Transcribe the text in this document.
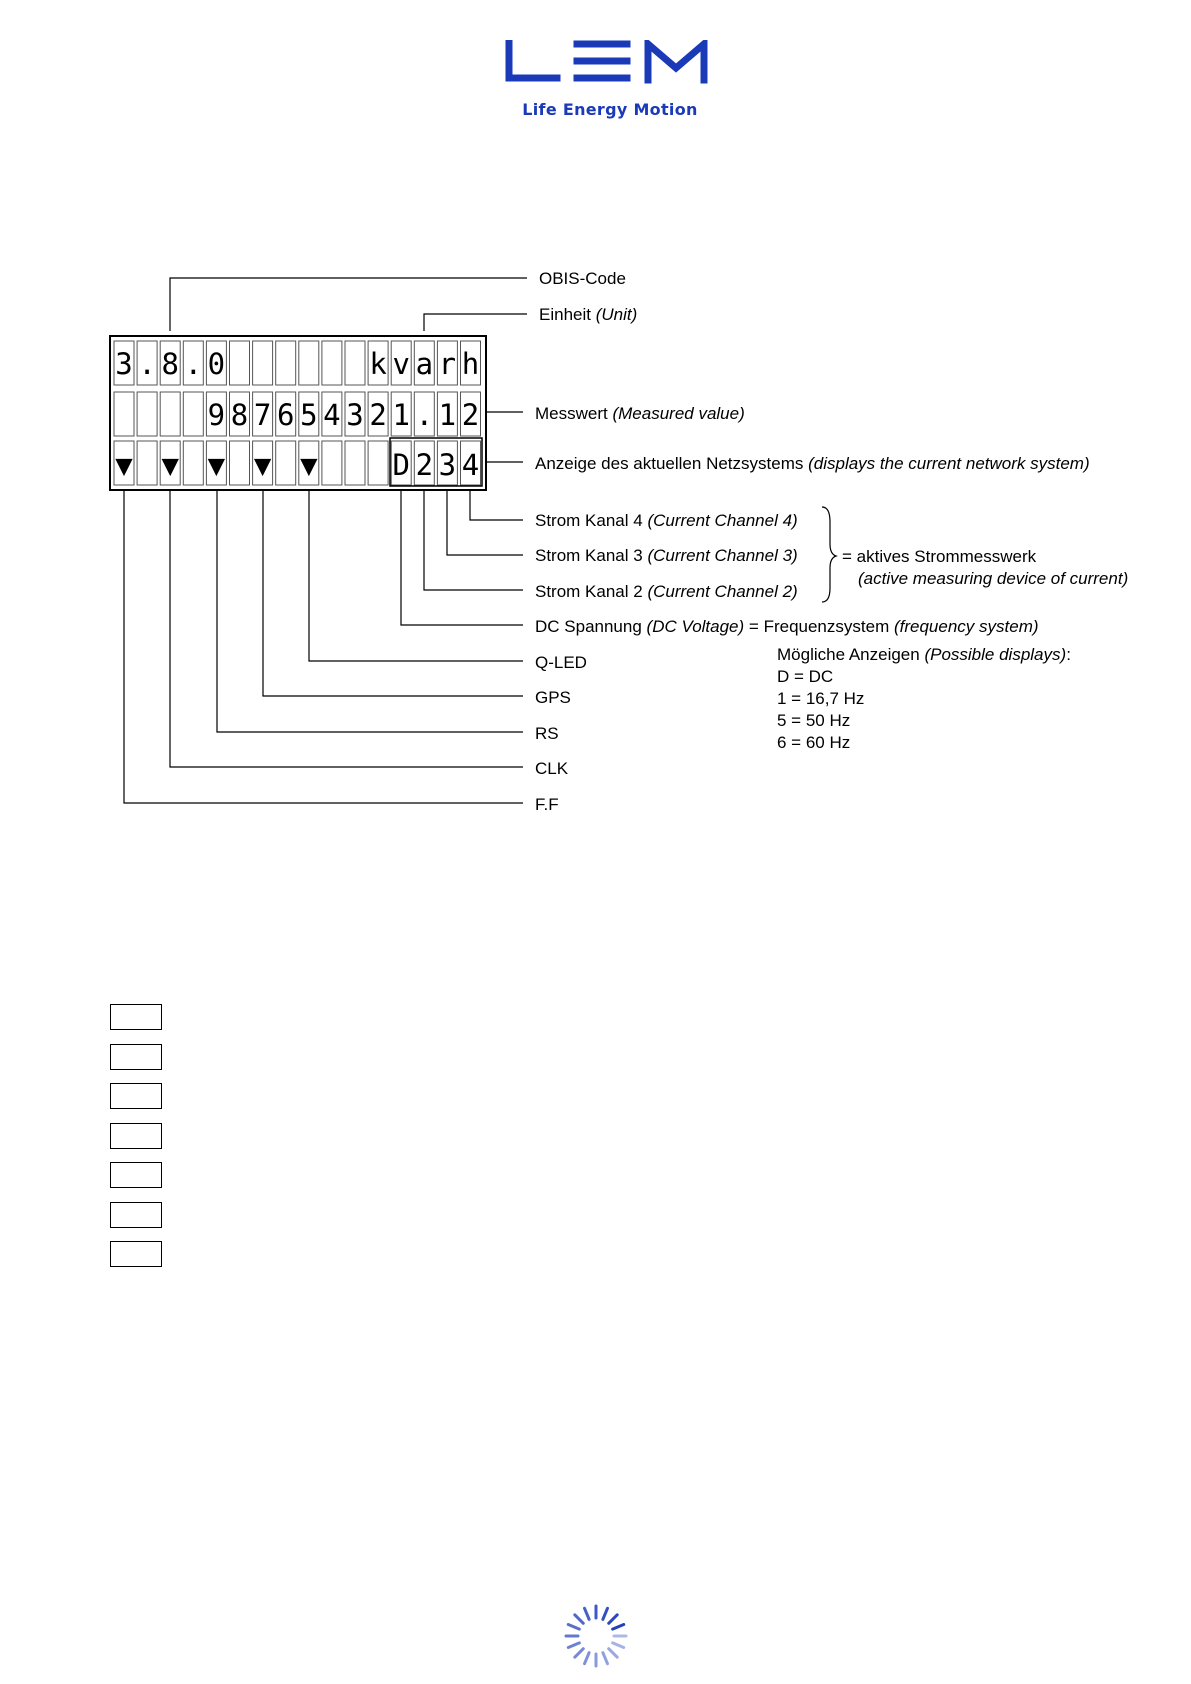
Life Energy Motion
3 . 8 . 0	k v a r h
9 8 7 6 5 4 3 2 1 . 1 2
▼ ▼ ▼ ▼ ▼	D 2 3 4
OBIS-Code
Einheit (Unit)
Messwert (Measured value)
Anzeige des aktuellen Netzsystems (displays the current network system)
Strom Kanal 4 (Current Channel 4)
Strom Kanal 3 (Current Channel 3)
Strom Kanal 2 (Current Channel 2)
= aktives Strommesswerk
(active measuring device of current)
DC Spannung (DC Voltage) = Frequenzsystem (frequency system)
Mögliche Anzeigen (Possible displays):
D = DC
1 = 16,7 Hz
5 = 50 Hz
6 = 60 Hz
Q-LED
GPS
RS
CLK
F.F
